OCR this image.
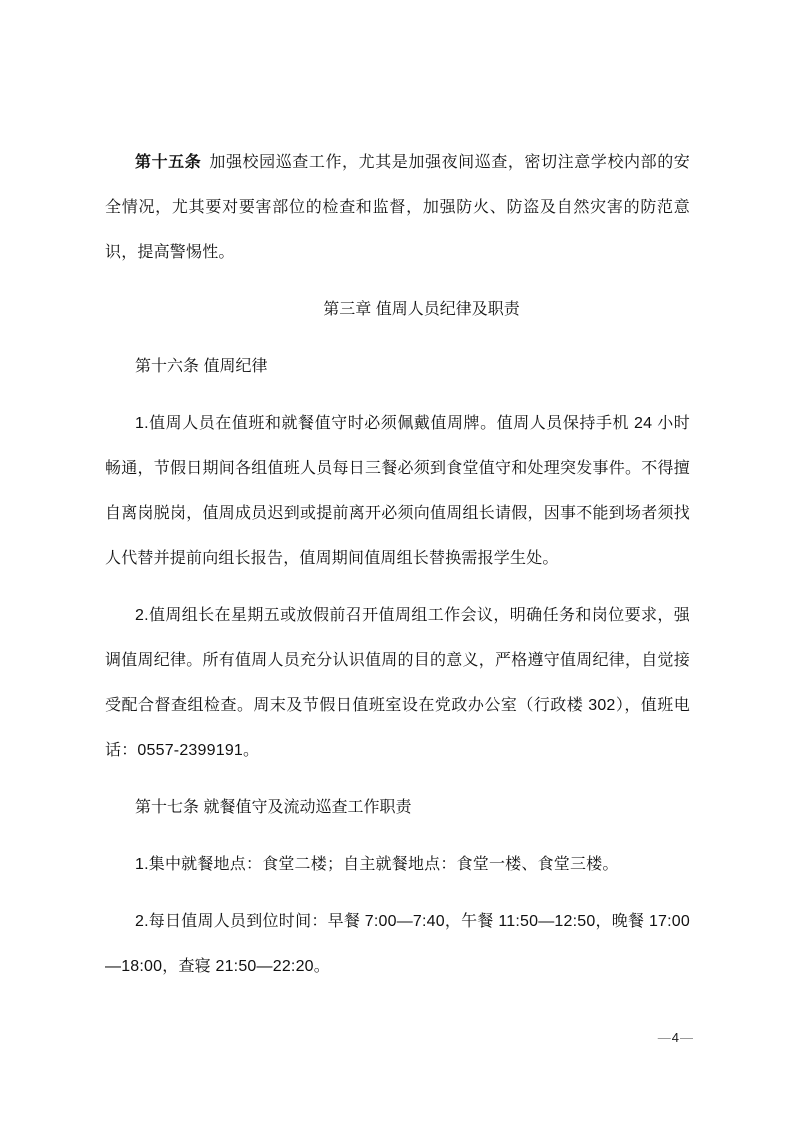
第十五条 加强校园巡查工作，尤其是加强夜间巡查，密切注意学校内部的安全情况，尤其要对要害部位的检查和监督，加强防火、防盗及自然灾害的防范意识，提高警惕性。

第三章 值周人员纪律及职责
第十六条 值周纪律

1.值周人员在值班和就餐值守时必须佩戴值周牌。值周人员保持手机 24 小时畅通，节假日期间各组值班人员每日三餐必须到食堂值守和处理突发事件。不得擅自离岗脱岗，值周成员迟到或提前离开必须向值周组长请假，因事不能到场者须找人代替并提前向组长报告，值周期间值周组长替换需报学生处。

2.值周组长在星期五或放假前召开值周组工作会议，明确任务和岗位要求，强调值周纪律。所有值周人员充分认识值周的目的意义，严格遵守值周纪律，自觉接受配合督查组检查。周末及节假日值班室设在党政办公室（行政楼 302），值班电话：0557-2399191。

第十七条 就餐值守及流动巡查工作职责

1.集中就餐地点：食堂二楼；自主就餐地点：食堂一楼、食堂三楼。

2.每日值周人员到位时间：早餐 7:00—7:40，午餐 11:50—12:50，晚餐 17:00—18:00，查寝 21:50—22:20。

—4—
